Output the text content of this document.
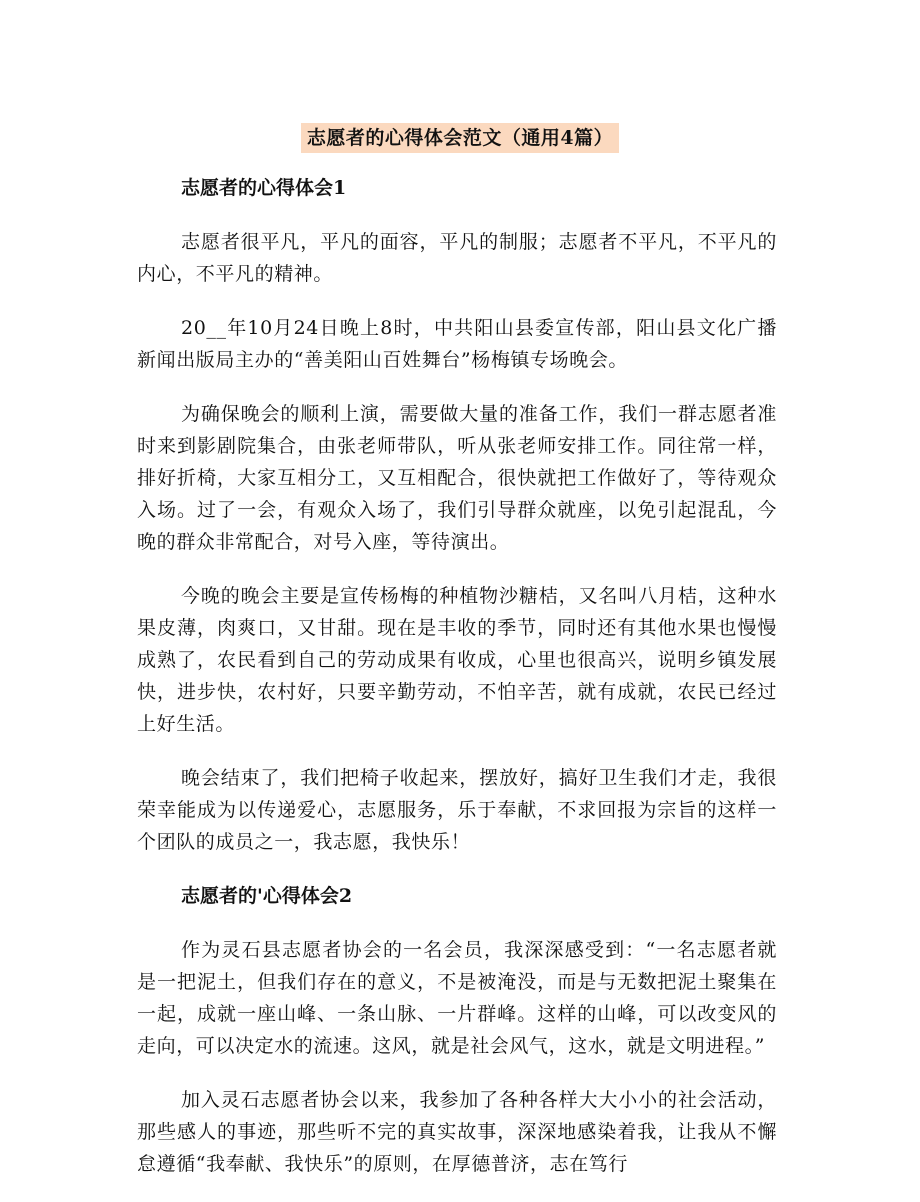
志愿者的心得体会范文（通用4篇）
志愿者的心得体会1

志愿者很平凡，平凡的面容，平凡的制服；志愿者不平凡，不平凡的内心，不平凡的精神。

20__年10月24日晚上8时，中共阳山县委宣传部，阳山县文化广播新闻出版局主办的“善美阳山百姓舞台”杨梅镇专场晚会。

为确保晚会的顺利上演，需要做大量的准备工作，我们一群志愿者准时来到影剧院集合，由张老师带队，听从张老师安排工作。同往常一样，排好折椅，大家互相分工，又互相配合，很快就把工作做好了，等待观众入场。过了一会，有观众入场了，我们引导群众就座，以免引起混乱，今晚的群众非常配合，对号入座，等待演出。

今晚的晚会主要是宣传杨梅的种植物沙糖桔，又名叫八月桔，这种水果皮薄，肉爽口，又甘甜。现在是丰收的季节，同时还有其他水果也慢慢成熟了，农民看到自己的劳动成果有收成，心里也很高兴，说明乡镇发展快，进步快，农村好，只要辛勤劳动，不怕辛苦，就有成就，农民已经过上好生活。

晚会结束了，我们把椅子收起来，摆放好，搞好卫生我们才走，我很荣幸能成为以传递爱心，志愿服务，乐于奉献，不求回报为宗旨的这样一个团队的成员之一，我志愿，我快乐！

志愿者的'心得体会2

作为灵石县志愿者协会的一名会员，我深深感受到：“一名志愿者就是一把泥土，但我们存在的意义，不是被淹没，而是与无数把泥土聚集在一起，成就一座山峰、一条山脉、一片群峰。这样的山峰，可以改变风的走向，可以决定水的流速。这风，就是社会风气，这水，就是文明进程。”

加入灵石志愿者协会以来，我参加了各种各样大大小小的社会活动，那些感人的事迹，那些听不完的真实故事，深深地感染着我，让我从不懈怠遵循“我奉献、我快乐”的原则，在厚德普济，志在笃行
